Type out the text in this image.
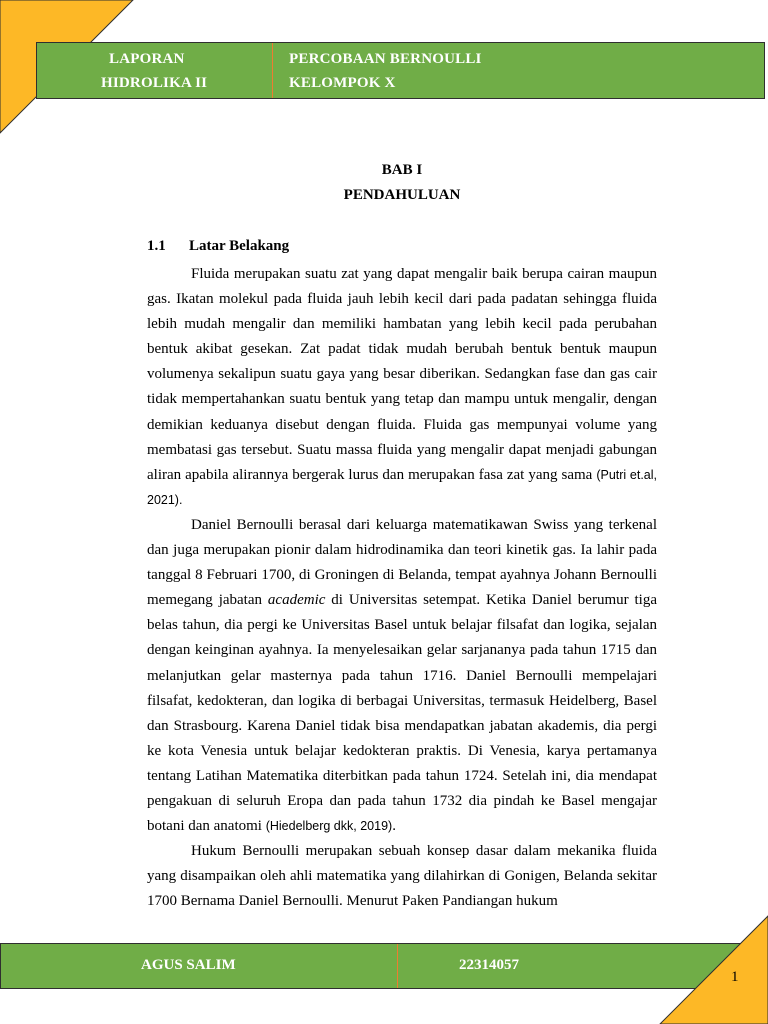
LAPORAN
HIDROLIKA II
PERCOBAAN BERNOULLI
KELOMPOK X
BAB I
PENDAHULUAN
1.1 Latar Belakang

Fluida merupakan suatu zat yang dapat mengalir baik berupa cairan maupun gas. Ikatan molekul pada fluida jauh lebih kecil dari pada padatan sehingga fluida lebih mudah mengalir dan memiliki hambatan yang lebih kecil pada perubahan bentuk akibat gesekan. Zat padat tidak mudah berubah bentuk bentuk maupun volumenya sekalipun suatu gaya yang besar diberikan. Sedangkan fase dan gas cair tidak mempertahankan suatu bentuk yang tetap dan mampu untuk mengalir, dengan demikian keduanya disebut dengan fluida. Fluida gas mempunyai volume yang membatasi gas tersebut. Suatu massa fluida yang mengalir dapat menjadi gabungan aliran apabila alirannya bergerak lurus dan merupakan fasa zat yang sama (Putri et.al, 2021).

Daniel Bernoulli berasal dari keluarga matematikawan Swiss yang terkenal dan juga merupakan pionir dalam hidrodinamika dan teori kinetik gas. Ia lahir pada tanggal 8 Februari 1700, di Groningen di Belanda, tempat ayahnya Johann Bernoulli memegang jabatan academic di Universitas setempat. Ketika Daniel berumur tiga belas tahun, dia pergi ke Universitas Basel untuk belajar filsafat dan logika, sejalan dengan keinginan ayahnya. Ia menyelesaikan gelar sarjananya pada tahun 1715 dan melanjutkan gelar masternya pada tahun 1716. Daniel Bernoulli mempelajari filsafat, kedokteran, dan logika di berbagai Universitas, termasuk Heidelberg, Basel dan Strasbourg. Karena Daniel tidak bisa mendapatkan jabatan akademis, dia pergi ke kota Venesia untuk belajar kedokteran praktis. Di Venesia, karya pertamanya tentang Latihan Matematika diterbitkan pada tahun 1724. Setelah ini, dia mendapat pengakuan di seluruh Eropa dan pada tahun 1732 dia pindah ke Basel mengajar botani dan anatomi (Hiedelberg dkk, 2019).

Hukum Bernoulli merupakan sebuah konsep dasar dalam mekanika fluida yang disampaikan oleh ahli matematika yang dilahirkan di Gonigen, Belanda sekitar 1700 Bernama Daniel Bernoulli. Menurut Paken Pandiangan hukum

AGUS SALIM	22314057
1
